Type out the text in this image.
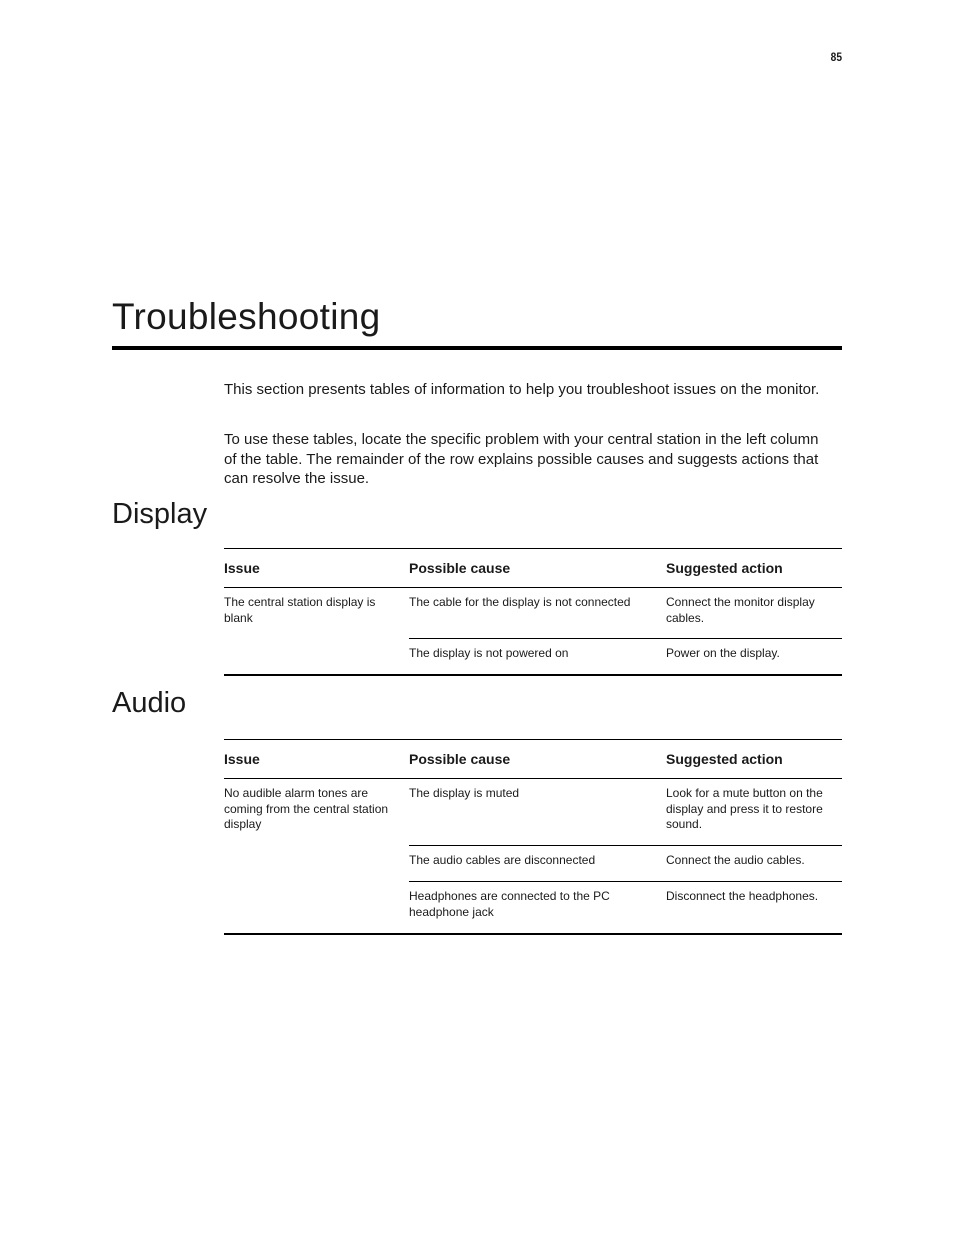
85
Troubleshooting

This section presents tables of information to help you troubleshoot issues on the monitor.

To use these tables, locate the specific problem with your central station in the left column of the table. The remainder of the row explains possible causes and suggests actions that can resolve the issue.

Display
Issue	Possible cause	Suggested action
The central station display is blank	The cable for the display is not connected	Connect the monitor display cables.
	The display is not powered on	Power on the display.
Audio
Issue	Possible cause	Suggested action
No audible alarm tones are coming from the central station display	The display is muted	Look for a mute button on the display and press it to restore sound.
	The audio cables are disconnected	Connect the audio cables.
	Headphones are connected to the PC headphone jack	Disconnect the headphones.
